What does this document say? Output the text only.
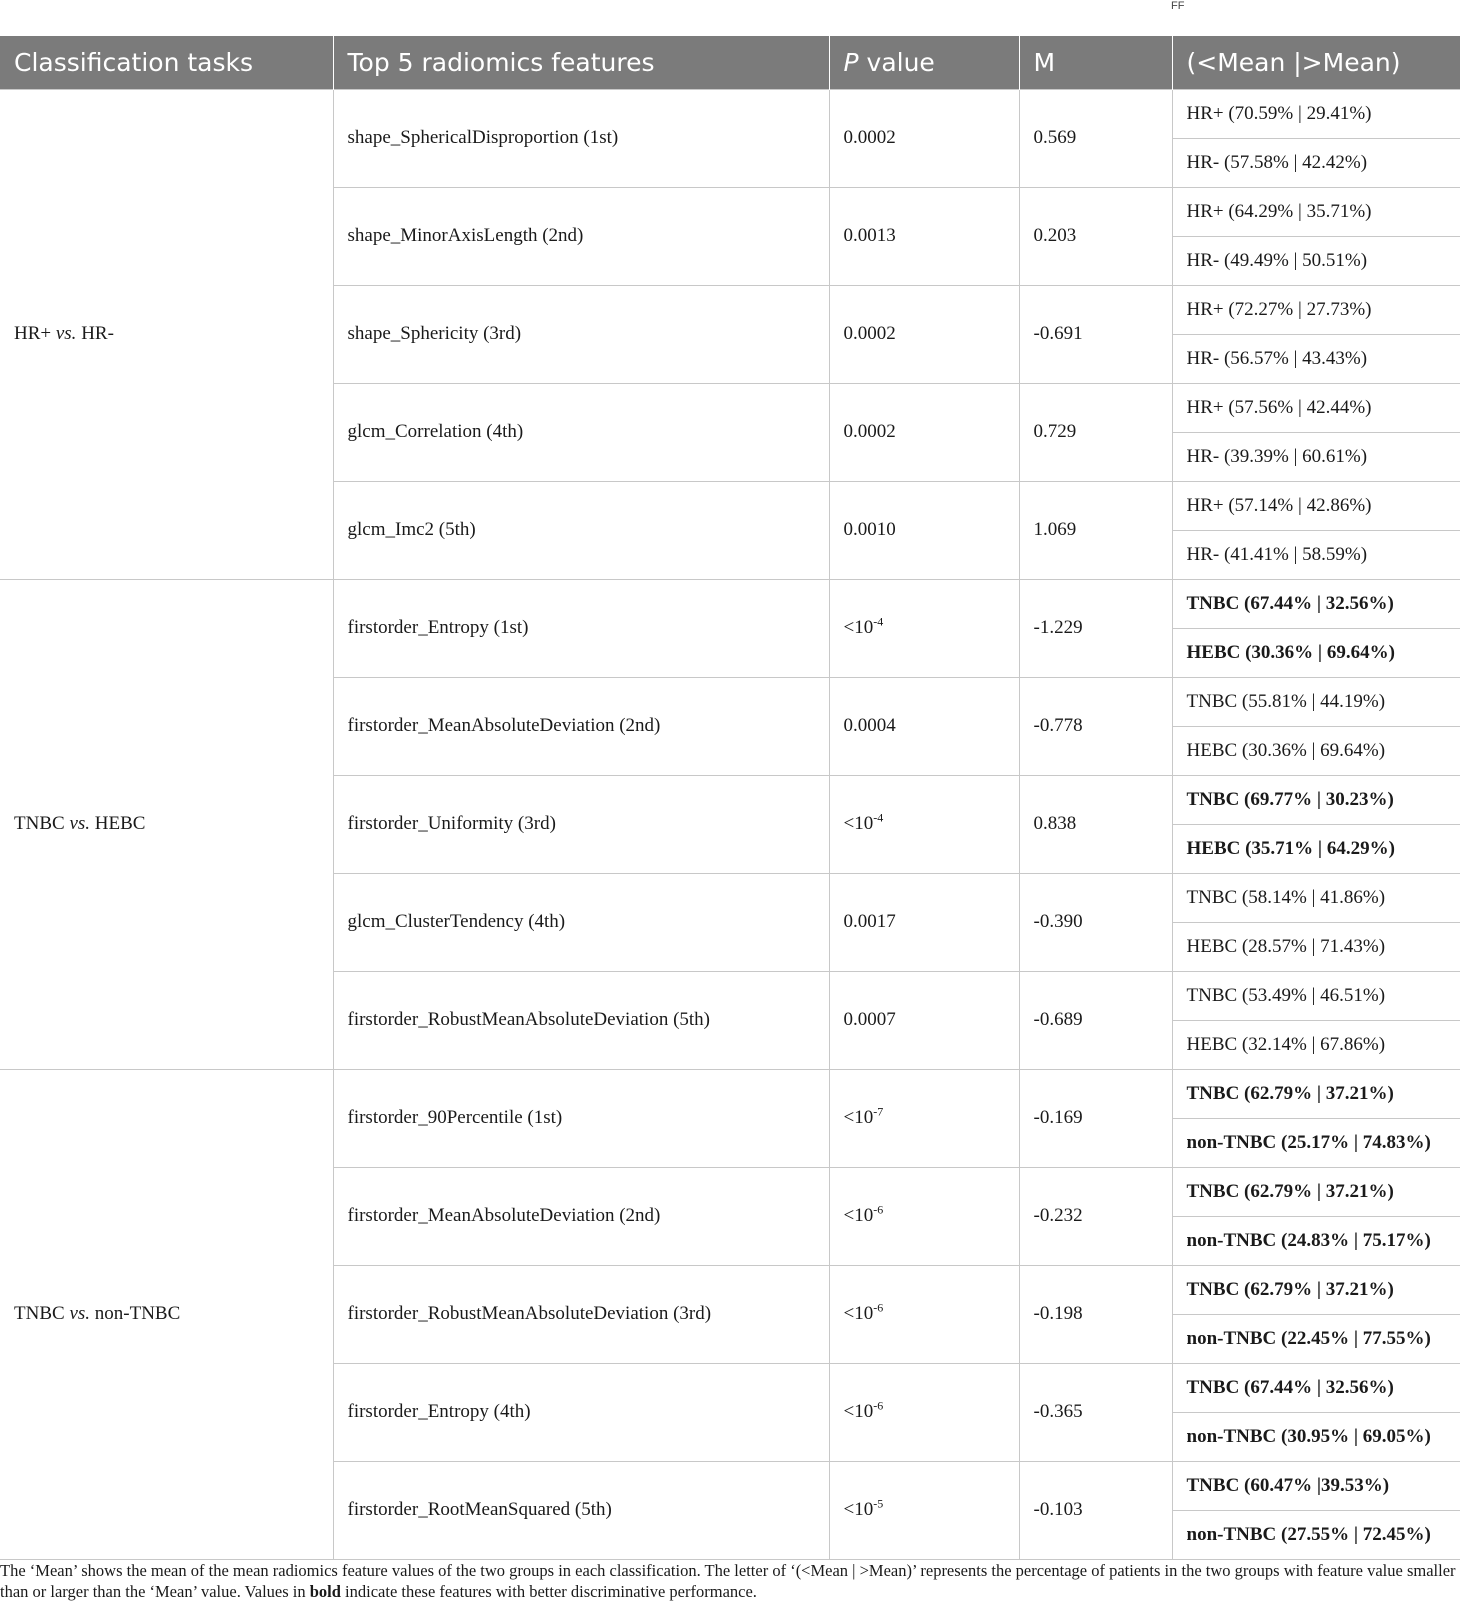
FF
Classification tasks	Top 5 radiomics features	P value	M	(<Mean |>Mean)
HR+ vs. HR-	shape_SphericalDisproportion (1st)	0.0002	0.569	HR+ (70.59% | 29.41%)
HR- (57.58% | 42.42%)

	shape_MinorAxisLength (2nd)	0.0013	0.203	HR+ (64.29% | 35.71%)
HR- (49.49% | 50.51%)

	shape_Sphericity (3rd)	0.0002	-0.691	HR+ (72.27% | 27.73%)
HR- (56.57% | 43.43%)

	glcm_Correlation (4th)	0.0002	0.729	HR+ (57.56% | 42.44%)
HR- (39.39% | 60.61%)

	glcm_Imc2 (5th)	0.0010	1.069	HR+ (57.14% | 42.86%)
HR- (41.41% | 58.59%)

TNBC vs. HEBC	firstorder_Entropy (1st)	$<10^{-4}$	-1.229	TNBC (67.44% | 32.56%)
HEBC (30.36% | 69.64%)

	firstorder_MeanAbsoluteDeviation (2nd)	0.0004	-0.778	TNBC (55.81% | 44.19%)
HEBC (30.36% | 69.64%)

	firstorder_Uniformity (3rd)	$<10^{-4}$	0.838	TNBC (69.77% | 30.23%)
HEBC (35.71% | 64.29%)

	glcm_ClusterTendency (4th)	0.0017	-0.390	TNBC (58.14% | 41.86%)
HEBC (28.57% | 71.43%)

	firstorder_RobustMeanAbsoluteDeviation (5th)	0.0007	-0.689	TNBC (53.49% | 46.51%)
HEBC (32.14% | 67.86%)

TNBC vs. non-TNBC	firstorder_90Percentile (1st)	$<10^{-7}$	-0.169	TNBC (62.79% | 37.21%)
non-TNBC (25.17% | 74.83%)

	firstorder_MeanAbsoluteDeviation (2nd)	$<10^{-6}$	-0.232	TNBC (62.79% | 37.21%)
non-TNBC (24.83% | 75.17%)

	firstorder_RobustMeanAbsoluteDeviation (3rd)	$<10^{-6}$	-0.198	TNBC (62.79% | 37.21%)
non-TNBC (22.45% | 77.55%)

	firstorder_Entropy (4th)	$<10^{-6}$	-0.365	TNBC (67.44% | 32.56%)
non-TNBC (30.95% | 69.05%)

	firstorder_RootMeanSquared (5th)	$<10^{-5}$	-0.103	TNBC (60.47% |39.53%)
non-TNBC (27.55% | 72.45%)
The ‘Mean’ shows the mean of the mean radiomics feature values of the two groups in each classification. The letter of ‘(<Mean | >Mean)’ represents the percentage of patients in the two groups with feature value smaller than or larger than the ‘Mean’ value. Values in bold indicate these features with better discriminative performance.
